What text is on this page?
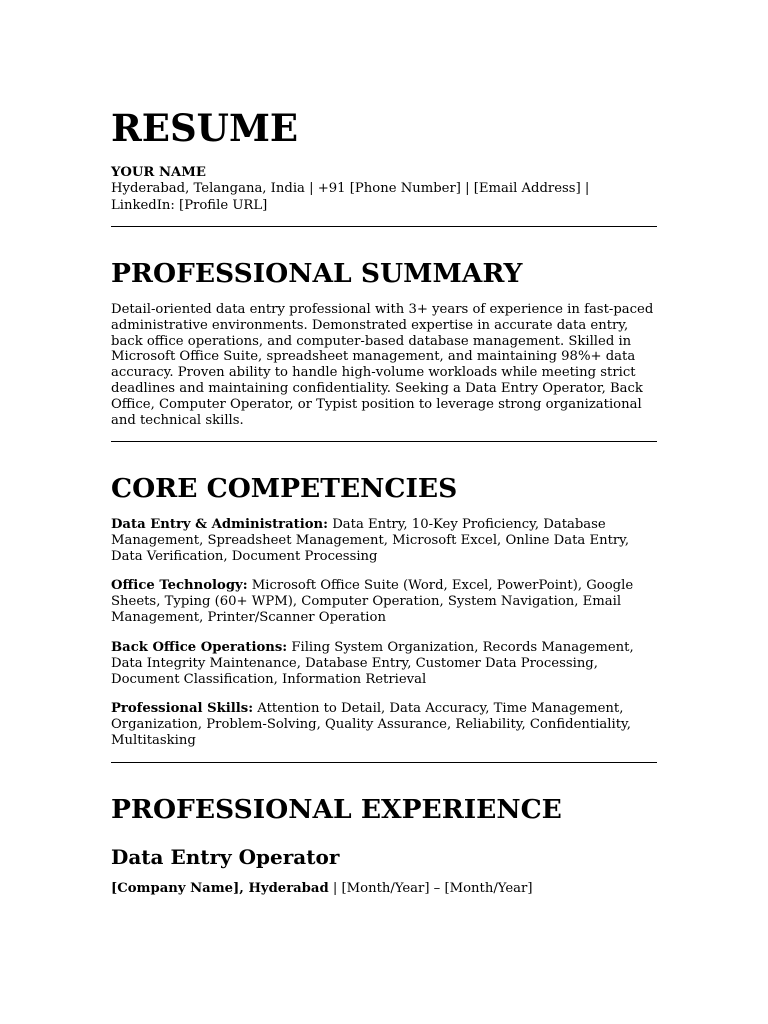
RESUME
YOUR NAME
Hyderabad, Telangana, India | +91 [Phone Number] | [Email Address] |
LinkedIn: [Profile URL]
PROFESSIONAL SUMMARY
Detail-oriented data entry professional with 3+ years of experience in fast-paced administrative environments. Demonstrated expertise in accurate data entry, back office operations, and computer-based database management. Skilled in Microsoft Office Suite, spreadsheet management, and maintaining 98%+ data accuracy. Proven ability to handle high-volume workloads while meeting strict deadlines and maintaining confidentiality. Seeking a Data Entry Operator, Back Office, Computer Operator, or Typist position to leverage strong organizational and technical skills.
CORE COMPETENCIES
Data Entry & Administration: Data Entry, 10-Key Proficiency, Database Management, Spreadsheet Management, Microsoft Excel, Online Data Entry, Data Verification, Document Processing
Office Technology: Microsoft Office Suite (Word, Excel, PowerPoint), Google Sheets, Typing (60+ WPM), Computer Operation, System Navigation, Email Management, Printer/Scanner Operation
Back Office Operations: Filing System Organization, Records Management, Data Integrity Maintenance, Database Entry, Customer Data Processing, Document Classification, Information Retrieval
Professional Skills: Attention to Detail, Data Accuracy, Time Management, Organization, Problem-Solving, Quality Assurance, Reliability, Confidentiality, Multitasking
PROFESSIONAL EXPERIENCE
Data Entry Operator
[Company Name], Hyderabad | [Month/Year] – [Month/Year]
